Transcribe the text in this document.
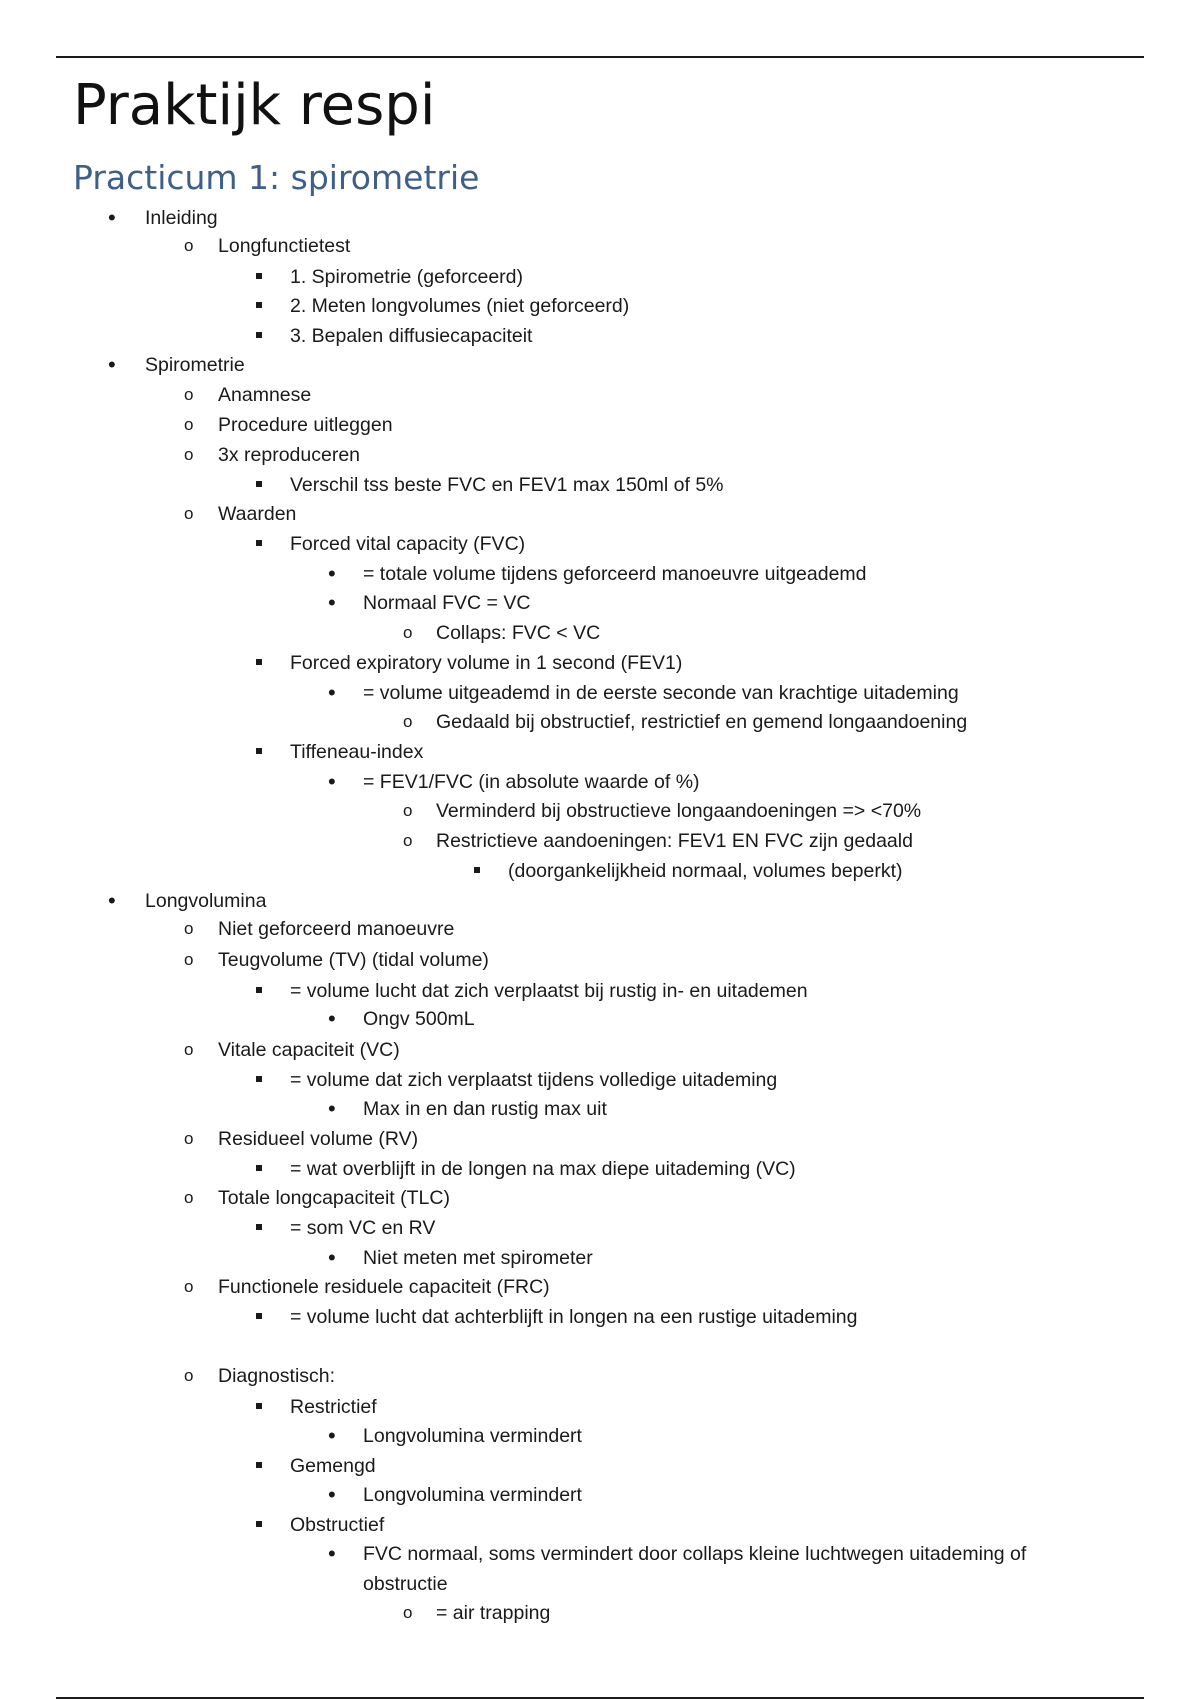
Praktijk respi
Practicum 1: spirometrie
•
Inleiding
o
Longfunctietest
1. Spirometrie (geforceerd)
2. Meten longvolumes (niet geforceerd)
3. Bepalen diffusiecapaciteit
•
Spirometrie
o
Anamnese
o
Procedure uitleggen
o
3x reproduceren
Verschil tss beste FVC en FEV1 max 150ml of 5%
o
Waarden
Forced vital capacity (FVC)
•
= totale volume tijdens geforceerd manoeuvre uitgeademd
•
Normaal FVC = VC
o
Collaps: FVC < VC
Forced expiratory volume in 1 second (FEV1)
•
= volume uitgeademd in de eerste seconde van krachtige uitademing
o
Gedaald bij obstructief, restrictief en gemend longaandoening
Tiffeneau-index
•
= FEV1/FVC (in absolute waarde of %)
o
Verminderd bij obstructieve longaandoeningen => <70%
o
Restrictieve aandoeningen: FEV1 EN FVC zijn gedaald
(doorgankelijkheid normaal, volumes beperkt)
•
Longvolumina
o
Niet geforceerd manoeuvre
o
Teugvolume (TV) (tidal volume)
= volume lucht dat zich verplaatst bij rustig in- en uitademen
•
Ongv 500mL
o
Vitale capaciteit (VC)
= volume dat zich verplaatst tijdens volledige uitademing
•
Max in en dan rustig max uit
o
Residueel volume (RV)
= wat overblijft in de longen na max diepe uitademing (VC)
o
Totale longcapaciteit (TLC)
= som VC en RV
•
Niet meten met spirometer
o
Functionele residuele capaciteit (FRC)
= volume lucht dat achterblijft in longen na een rustige uitademing
o
Diagnostisch:
Restrictief
•
Longvolumina vermindert
Gemengd
•
Longvolumina vermindert
Obstructief
•
FVC normaal, soms vermindert door collaps kleine luchtwegen uitademing of
obstructie
o
= air trapping
